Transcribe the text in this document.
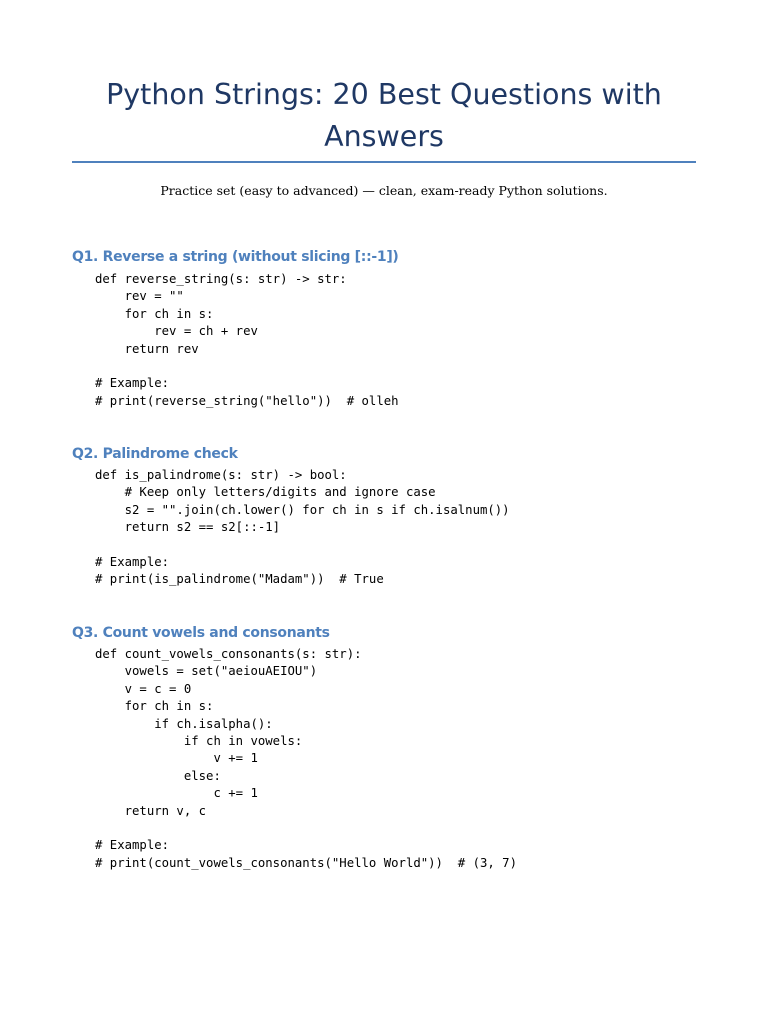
Python Strings: 20 Best Questions with Answers
Practice set (easy to advanced) — clean, exam-ready Python solutions.
Q1. Reverse a string (without slicing [::-1])
def reverse_string(s: str) -> str:
rev = ""
for ch in s:
rev = ch + rev
return rev

# Example:
# print(reverse_string("hello"))  # olleh
Q2. Palindrome check
def is_palindrome(s: str) -> bool:
# Keep only letters/digits and ignore case
s2 = "".join(ch.lower() for ch in s if ch.isalnum())
return s2 == s2[::-1]

# Example:
# print(is_palindrome("Madam"))  # True
Q3. Count vowels and consonants
def count_vowels_consonants(s: str):
vowels = set("aeiouAEIOU")
v = c = 0
for ch in s:
if ch.isalpha():
if ch in vowels:
v += 1
else:
c += 1
return v, c

# Example:
# print(count_vowels_consonants("Hello World"))  # (3, 7)
